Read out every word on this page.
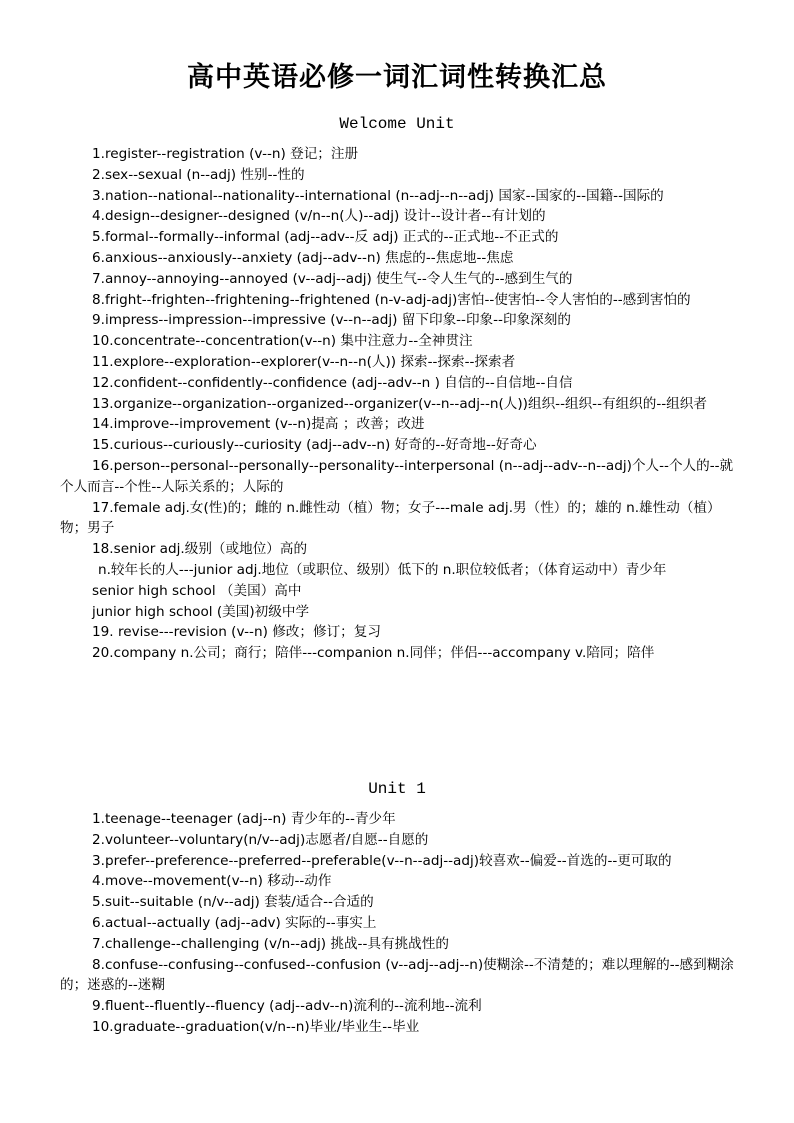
高中英语必修一词汇词性转换汇总
Welcome Unit
1.register--registration (v--n) 登记；注册
2.sex--sexual (n--adj) 性别--性的
3.nation--national--nationality--international (n--adj--n--adj) 国家--国家的--国籍--国际的
4.design--designer--designed (v/n--n(人)--adj) 设计--设计者--有计划的
5.formal--formally--informal (adj--adv--反 adj) 正式的--正式地--不正式的
6.anxious--anxiously--anxiety (adj--adv--n) 焦虑的--焦虑地--焦虑
7.annoy--annoying--annoyed (v--adj--adj) 使生气--令人生气的--感到生气的
8.fright--frighten--frightening--frightened (n-v-adj-adj)害怕--使害怕--令人害怕的--感到害怕的
9.impress--impression--impressive (v--n--adj) 留下印象--印象--印象深刻的
10.concentrate--concentration(v--n) 集中注意力--全神贯注
11.explore--exploration--explorer(v--n--n(人)) 探索--探索--探索者
12.confident--confidently--confidence (adj--adv--n ) 自信的--自信地--自信
13.organize--organization--organized--organizer(v--n--adj--n(人))组织--组织--有组织的--组织者
14.improve--improvement (v--n)提高 ；改善；改进
15.curious--curiously--curiosity (adj--adv--n) 好奇的--好奇地--好奇心
16.person--personal--personally--personality--interpersonal (n--adj--adv--n--adj)个人--个人的--就个人而言--个性--人际关系的；人际的
17.female adj.女(性)的；雌的 n.雌性动（植）物；女子---male adj.男（性）的；雄的 n.雄性动（植）物；男子
18.senior adj.级别（或地位）高的
n.较年长的人---junior adj.地位（或职位、级别）低下的 n.职位较低者；（体育运动中）青少年
senior high school （美国）高中
junior high school (美国)初级中学
19. revise---revision (v--n) 修改；修订；复习
20.company n.公司；商行；陪伴---companion n.同伴；伴侣---accompany v.陪同；陪伴
Unit 1
1.teenage--teenager (adj--n) 青少年的--青少年
2.volunteer--voluntary(n/v--adj)志愿者/自愿--自愿的
3.prefer--preference--preferred--preferable(v--n--adj--adj)较喜欢--偏爱--首选的--更可取的
4.move--movement(v--n) 移动--动作
5.suit--suitable (n/v--adj) 套装/适合--合适的
6.actual--actually (adj--adv) 实际的--事实上
7.challenge--challenging (v/n--adj) 挑战--具有挑战性的
8.confuse--confusing--confused--confusion (v--adj--adj--n)使糊涂--不清楚的；难以理解的--感到糊涂的；迷惑的--迷糊
9.fluent--fluently--fluency (adj--adv--n)流利的--流利地--流利
10.graduate--graduation(v/n--n)毕业/毕业生--毕业
